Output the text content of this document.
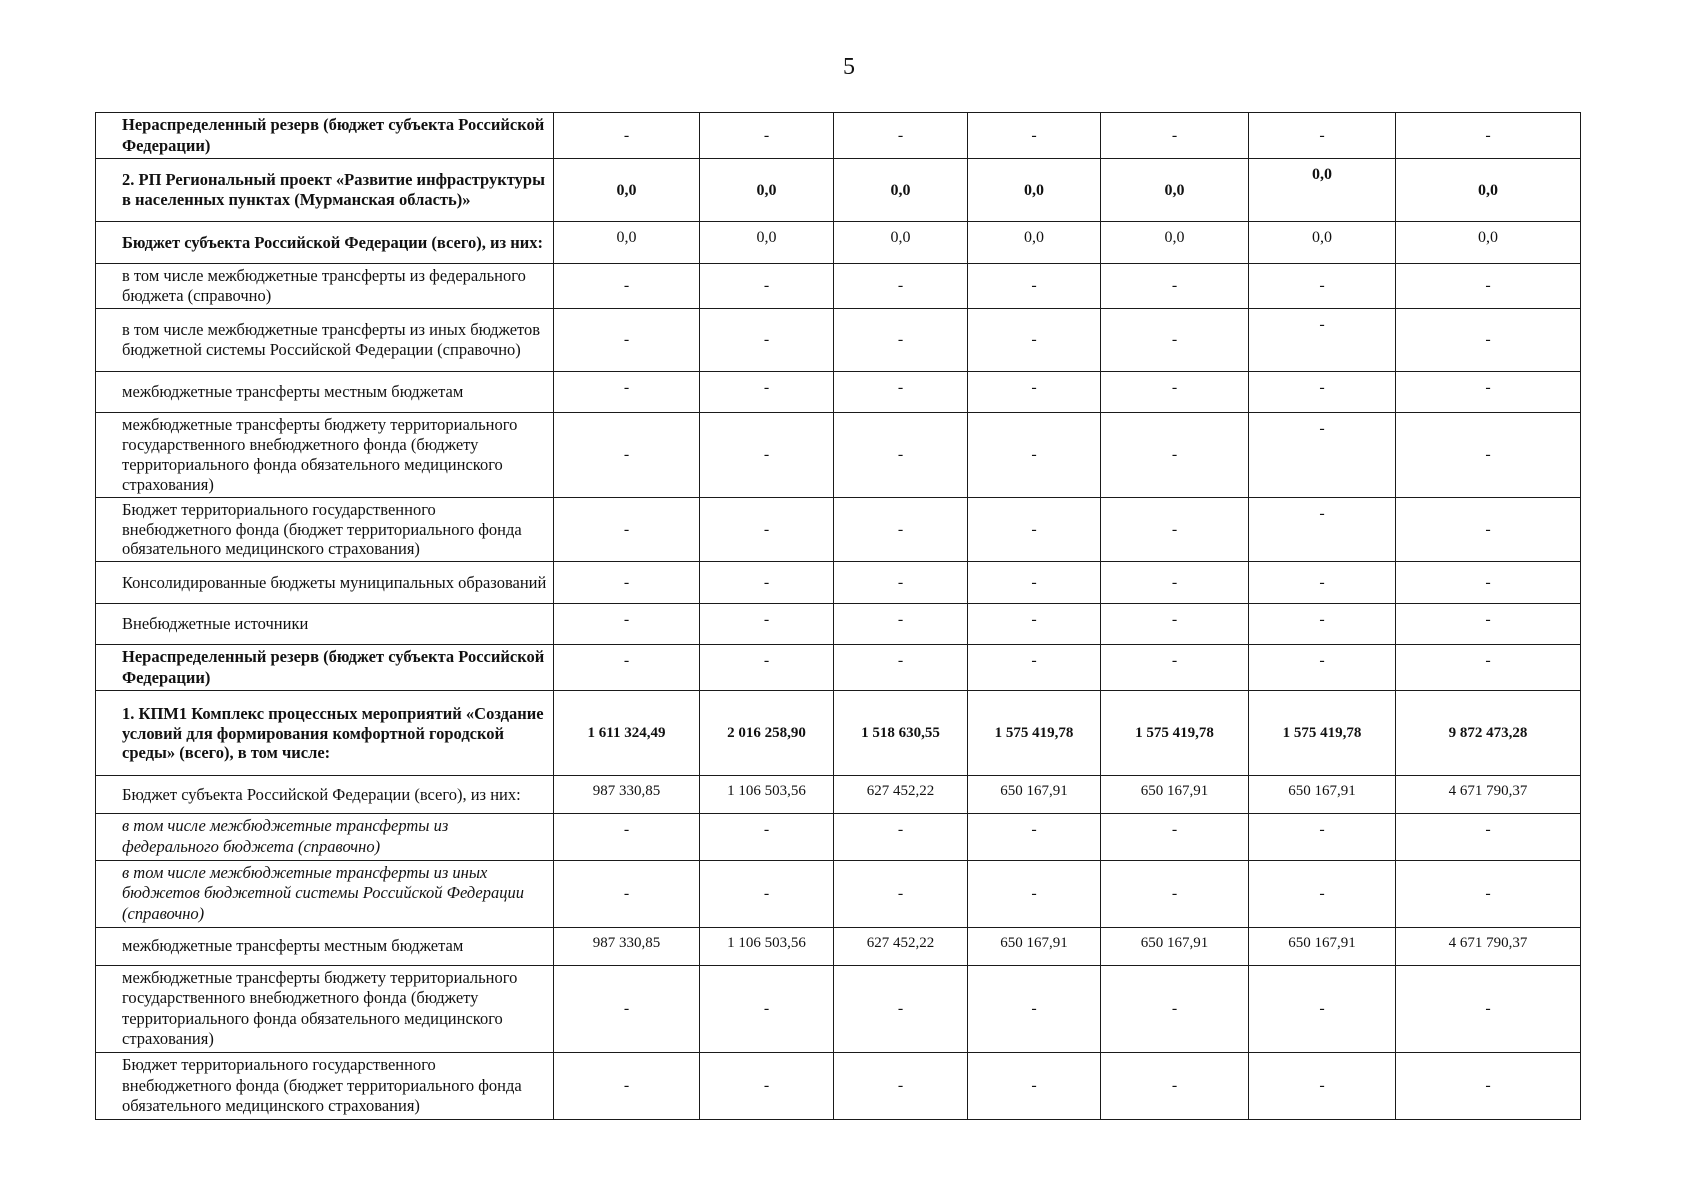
5
Нераспределенный резерв (бюджет субъекта Российской Федерации)	-	-	-	-	-	-	-
2. РП Региональный проект «Развитие инфраструктуры в населенных пунктах (Мурманская область)»	0,0	0,0	0,0	0,0	0,0	0,0	0,0
Бюджет субъекта Российской Федерации (всего), из них:	0,0	0,0	0,0	0,0	0,0	0,0	0,0
в том числе межбюджетные трансферты из федерального бюджета (справочно)	-	-	-	-	-	-	-
в том числе межбюджетные трансферты из иных бюджетов бюджетной системы Российской Федерации (справочно)	-	-	-	-	-	-	-
межбюджетные трансферты местным бюджетам	-	-	-	-	-	-	-
межбюджетные трансферты бюджету территориального государственного внебюджетного фонда (бюджету территориального фонда обязательного медицинского страхования)	-	-	-	-	-	-	-
Бюджет территориального государственного внебюджетного фонда (бюджет территориального фонда обязательного медицинского страхования)	-	-	-	-	-	-	-
Консолидированные бюджеты муниципальных образований	-	-	-	-	-	-	-
Внебюджетные источники	-	-	-	-	-	-	-
Нераспределенный резерв (бюджет субъекта Российской Федерации)	-	-	-	-	-	-	-
1. КПМ1 Комплекс процессных мероприятий «Создание условий для формирования комфортной городской среды» (всего), в том числе:	1 611 324,49	2 016 258,90	1 518 630,55	1 575 419,78	1 575 419,78	1 575 419,78	9 872 473,28
Бюджет субъекта Российской Федерации (всего), из них:	987 330,85	1 106 503,56	627 452,22	650 167,91	650 167,91	650 167,91	4 671 790,37
в том числе межбюджетные трансферты из федерального бюджета (справочно)	-	-	-	-	-	-	-
в том числе межбюджетные трансферты из иных бюджетов бюджетной системы Российской Федерации (справочно)	-	-	-	-	-	-	-
межбюджетные трансферты местным бюджетам	987 330,85	1 106 503,56	627 452,22	650 167,91	650 167,91	650 167,91	4 671 790,37
межбюджетные трансферты бюджету территориального государственного внебюджетного фонда (бюджету территориального фонда обязательного медицинского страхования)	-	-	-	-	-	-	-
Бюджет территориального государственного внебюджетного фонда (бюджет территориального фонда обязательного медицинского страхования)	-	-	-	-	-	-	-
